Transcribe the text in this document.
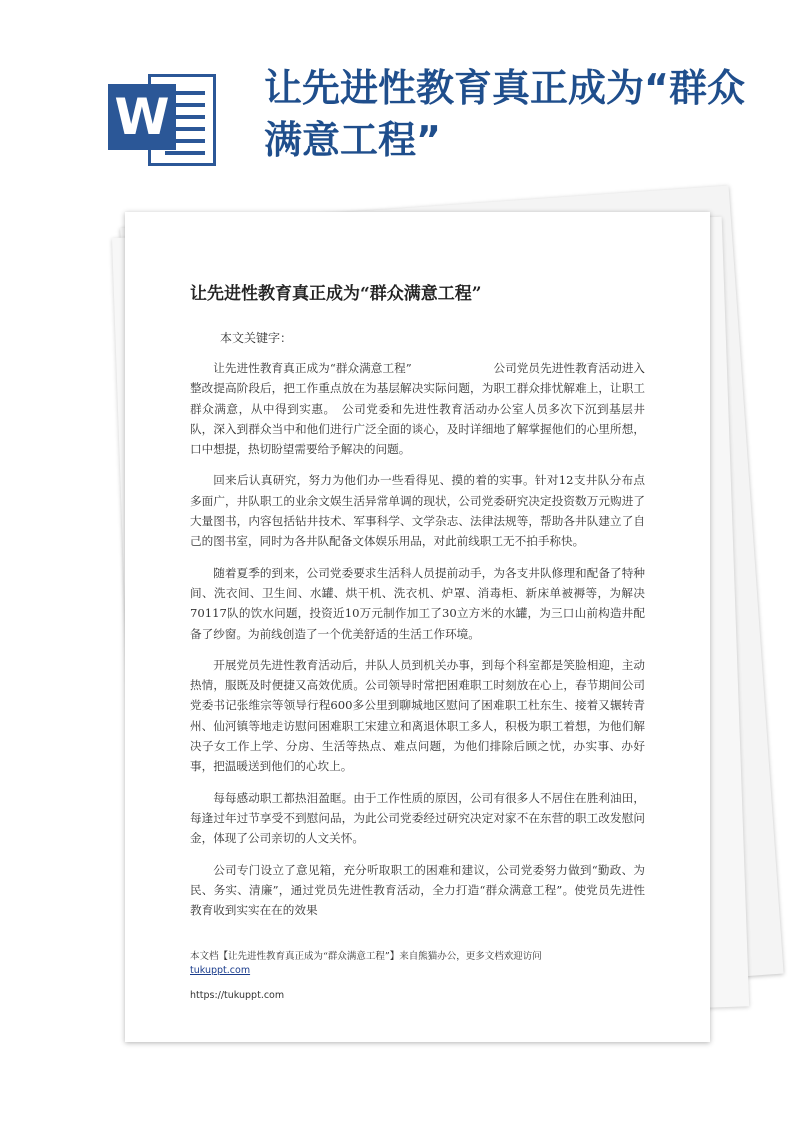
W 让先进性教育真正成为“群众满意工程”
让先进性教育真正成为“群众满意工程”

本文关键字：

让先进性教育真正成为“群众满意工程”　　　　　　　公司党员先进性教育活动进入整改提高阶段后，把工作重点放在为基层解决实际问题，为职工群众排忧解难上，让职工群众满意，从中得到实惠。　公司党委和先进性教育活动办公室人员多次下沉到基层井队，深入到群众当中和他们进行广泛全面的谈心，及时详细地了解掌握他们的心里所想，口中想提，热切盼望需要给予解决的问题。

回来后认真研究，努力为他们办一些看得见、摸的着的实事。针对12支井队分布点多面广，井队职工的业余文娱生活异常单调的现状，公司党委研究决定投资数万元购进了大量图书，内容包括钻井技术、军事科学、文学杂志、法律法规等，帮助各井队建立了自己的图书室，同时为各井队配备文体娱乐用品，对此前线职工无不拍手称快。

随着夏季的到来，公司党委要求生活科人员提前动手，为各支井队修理和配备了特种间、洗衣间、卫生间、水罐、烘干机、洗衣机、炉罩、消毒柜、新床单被褥等，为解决70117队的饮水问题，投资近10万元制作加工了30立方米的水罐，为三口山前构造井配备了纱窗。为前线创造了一个优美舒适的生活工作环境。

开展党员先进性教育活动后，井队人员到机关办事，到每个科室都是笑脸相迎，主动热情，服既及时便捷又高效优质。公司领导时常把困难职工时刻放在心上，春节期间公司党委书记张维宗等领导行程600多公里到聊城地区慰问了困难职工杜东生、接着又辗转青州、仙河镇等地走访慰问困难职工宋建立和离退休职工多人，积极为职工着想，为他们解决子女工作上学、分房、生活等热点、难点问题，为他们排除后顾之忧，办实事、办好事，把温暖送到他们的心坎上。

每每感动职工都热泪盈眶。由于工作性质的原因，公司有很多人不居住在胜利油田，每逢过年过节享受不到慰问品，为此公司党委经过研究决定对家不在东营的职工改发慰问金，体现了公司亲切的人文关怀。

公司专门设立了意见箱，充分听取职工的困难和建议，公司党委努力做到“勤政、为民、务实、清廉”，通过党员先进性教育活动，全力打造“群众满意工程”。使党员先进性教育收到实实在在的效果

本文档【让先进性教育真正成为“群众满意工程”】来自熊猫办公，更多文档欢迎访问

tukuppt.com

https://tukuppt.com
